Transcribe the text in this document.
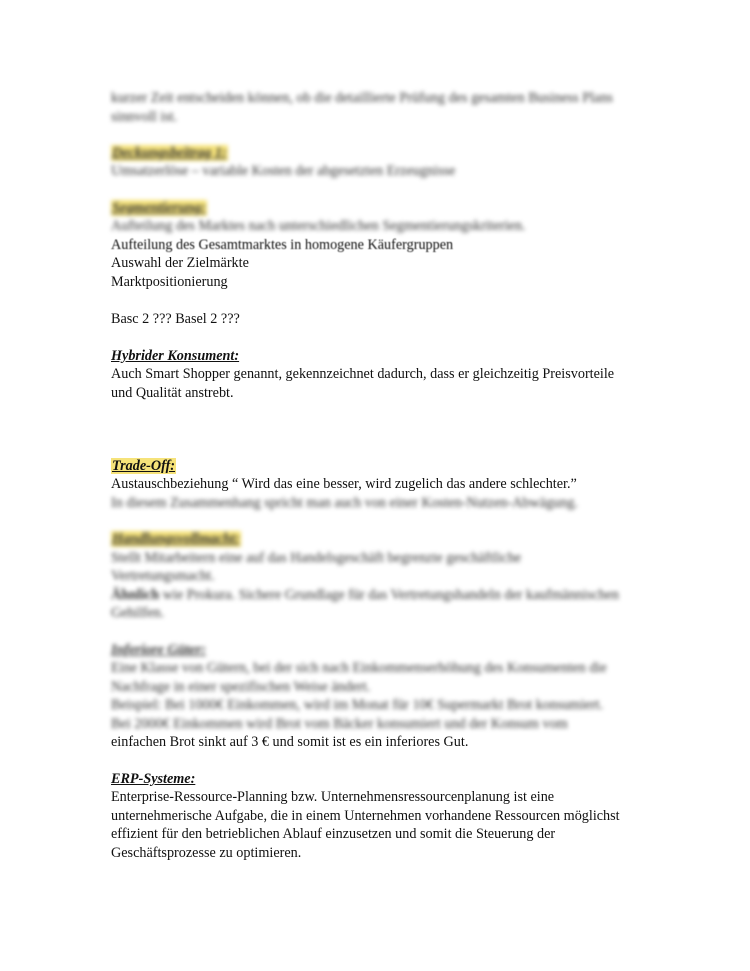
kurzer Zeit entscheiden können, ob die detaillierte Prüfung des gesamten Business Plans
sinnvoll ist.
Deckungsbeitrag 1:
Umsatzerlöse – variable Kosten der abgesetzten Erzeugnisse
Segmentierung:
Aufteilung des Marktes nach unterschiedlichen Segmentierungskriterien.
Aufteilung des Gesamtmarktes in homogene Käufergruppen
Auswahl der Zielmärkte
Marktpositionierung
Basc 2 ??? Basel 2 ???
Hybrider Konsument:
Auch Smart Shopper genannt, gekennzeichnet dadurch, dass er gleichzeitig Preisvorteile
und Qualität anstrebt.
Trade-Off:
Austauschbeziehung “ Wird das eine besser, wird zugelich das andere schlechter.”
In diesem Zusammenhang spricht man auch von einer Kosten-Nutzen-Abwägung.
Handlungsvollmacht:
Stellt Mitarbeitern eine auf das Handelsgeschäft begrenzte geschäftliche
Vertretungsmacht.
Ähnlich wie Prokura. Sichere Grundlage für das Vertretungshandeln der kaufmännischen
Gehilfen.
Inferiore Güter:
Eine Klasse von Gütern, bei der sich nach Einkommenserhöhung des Konsumenten die
Nachfrage in einer spezifischen Weise ändert.
Beispiel: Bei 1000€ Einkommen, wird im Monat für 10€ Supermarkt Brot konsumiert.
Bei 2000€ Einkommen wird Brot vom Bäcker konsumiert und der Konsum vom
einfachen Brot sinkt auf 3 € und somit ist es ein inferiores Gut.
ERP-Systeme:
Enterprise-Ressource-Planning bzw. Unternehmensressourcenplanung ist eine
unternehmerische Aufgabe, die in einem Unternehmen vorhandene Ressourcen möglichst
effizient für den betrieblichen Ablauf einzusetzen und somit die Steuerung der
Geschäftsprozesse zu optimieren.
